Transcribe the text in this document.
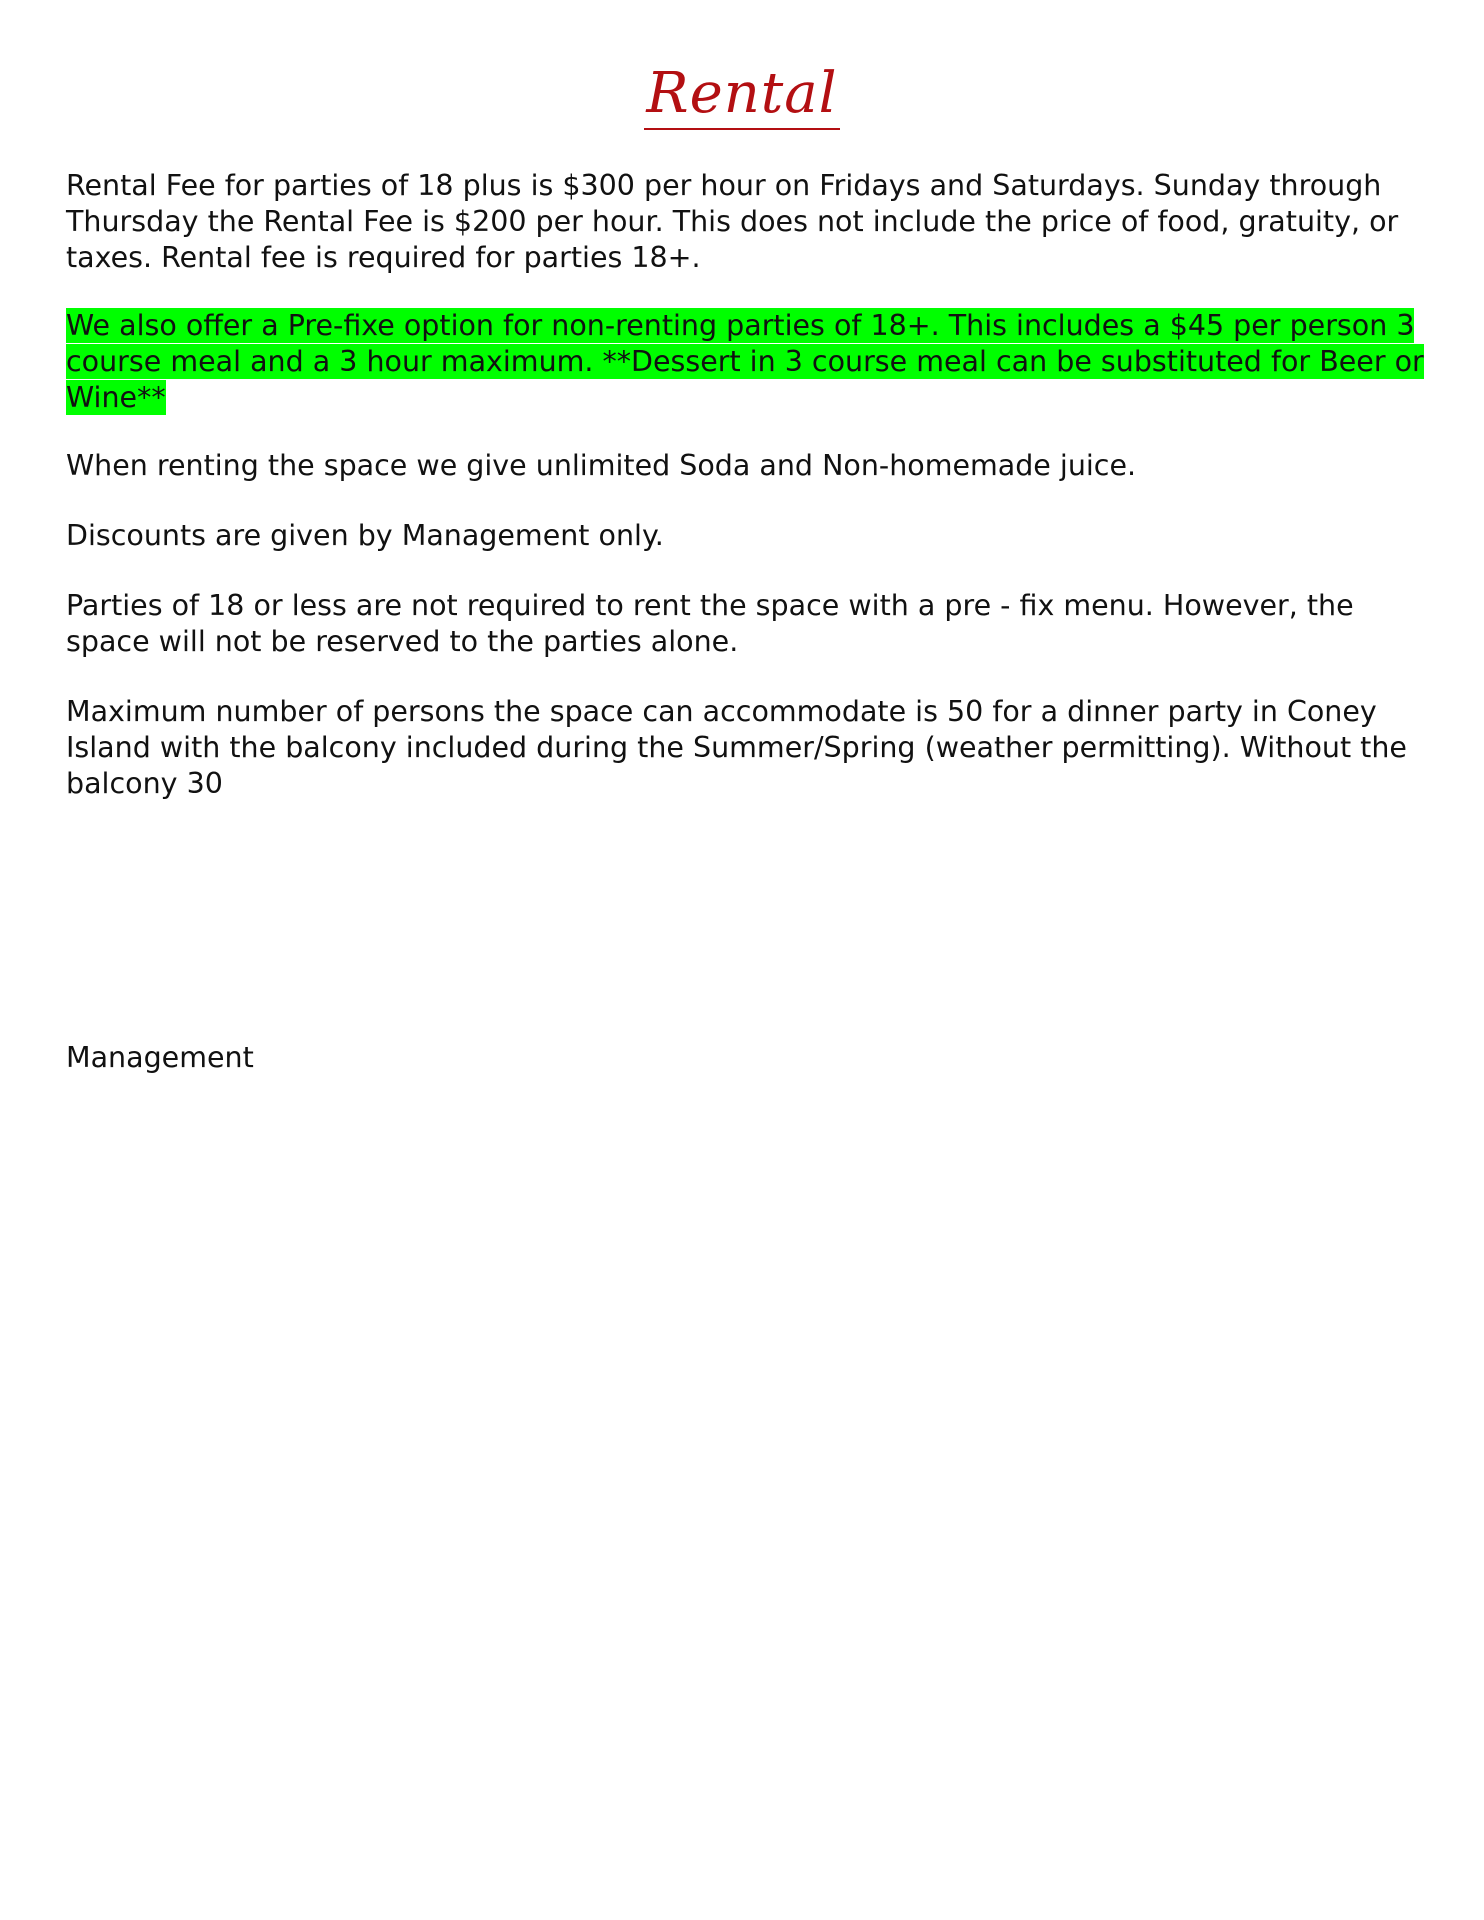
Rental

Rental Fee for parties of 18 plus is $300 per hour on Fridays and Saturdays. Sunday through Thursday the Rental Fee is $200 per hour. This does not include the price of food, gratuity, or taxes. Rental fee is required for parties 18+.

We also offer a Pre-fixe option for non-renting parties of 18+. This includes a $45 per person 3 course meal and a 3 hour maximum. **Dessert in 3 course meal can be substituted for Beer or Wine**

When renting the space we give unlimited Soda and Non-homemade juice.

Discounts are given by Management only.

Parties of 18 or less are not required to rent the space with a pre - fix menu. However, the space will not be reserved to the parties alone.

Maximum number of persons the space can accommodate is 50 for a dinner party in Coney Island with the balcony included during the Summer/Spring (weather permitting). Without the balcony 30

Management
